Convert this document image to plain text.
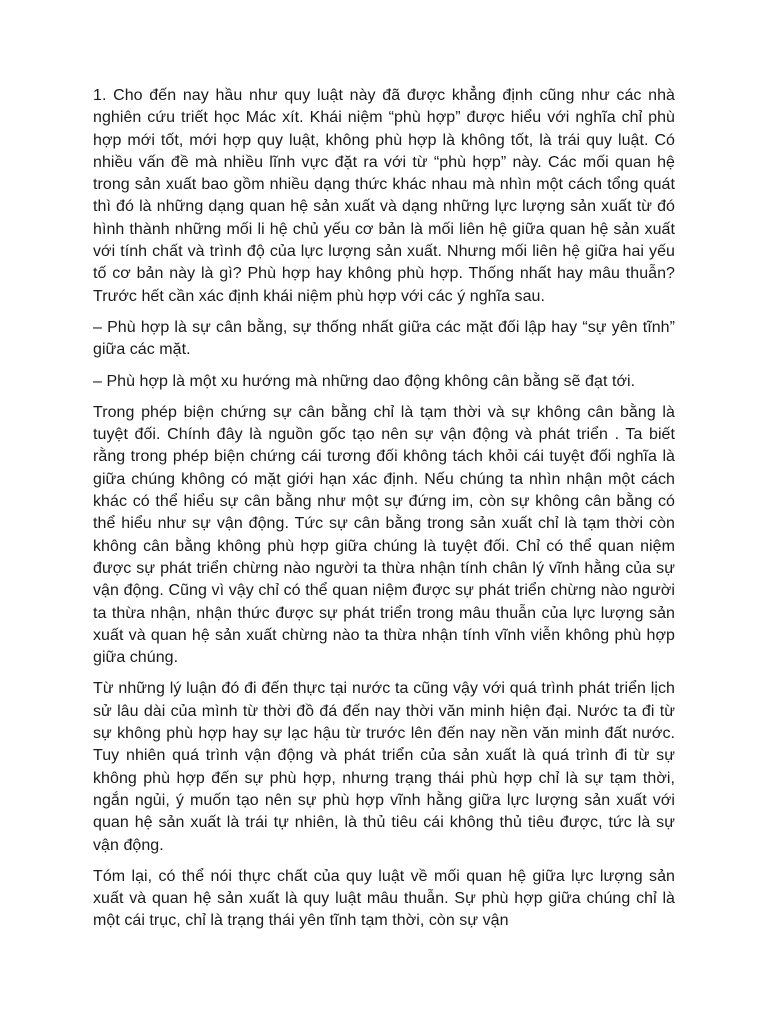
1. Cho đến nay hầu như quy luật này đã được khẳng định cũng như các nhà nghiên cứu triết học Mác xít. Khái niệm “phù hợp” được hiểu với nghĩa chỉ phù hợp mới tốt, mới hợp quy luật, không phù hợp là không tốt, là trái quy luật. Có nhiều vấn đề mà nhiều lĩnh vực đặt ra với từ “phù hợp” này. Các mối quan hệ trong sản xuất bao gồm nhiều dạng thức khác nhau mà nhìn một cách tổng quát thì đó là những dạng quan hệ sản xuất và dạng những lực lượng sản xuất từ đó hình thành những mối li hệ chủ yếu cơ bản là mối liên hệ giữa quan hệ sản xuất với tính chất và trình độ của lực lượng sản xuất. Nhưng mối liên hệ giữa hai yếu tố cơ bản này là gì? Phù hợp hay không phù hợp. Thống nhất hay mâu thuẫn? Trước hết cần xác định khái niệm phù hợp với các ý nghĩa sau.

– Phù hợp là sự cân bằng, sự thống nhất giữa các mặt đối lập hay “sự yên tĩnh” giữa các mặt.

– Phù hợp là một xu hướng mà những dao động không cân bằng sẽ đạt tới.

Trong phép biện chứng sự cân bằng chỉ là tạm thời và sự không cân bằng là tuyệt đối. Chính đây là nguồn gốc tạo nên sự vận động và phát triển . Ta biết rằng trong phép biện chứng cái tương đối không tách khỏi cái tuyệt đối nghĩa là giữa chúng không có mặt giới hạn xác định. Nếu chúng ta nhìn nhận một cách khác có thể hiểu sự cân bằng như một sự đứng im, còn sự không cân bằng có thể hiểu như sự vận động. Tức sự cân bằng trong sản xuất chỉ là tạm thời còn không cân bằng không phù hợp giữa chúng là tuyệt đối. Chỉ có thể quan niệm được sự phát triển chừng nào người ta thừa nhận tính chân lý vĩnh hằng của sự vận động. Cũng vì vậy chỉ có thể quan niệm được sự phát triển chừng nào người ta thừa nhận, nhận thức được sự phát triển trong mâu thuẫn của lực lượng sản xuất và quan hệ sản xuất chừng nào ta thừa nhận tính vĩnh viễn không phù hợp giữa chúng.

Từ những lý luận đó đi đến thực tại nước ta cũng vậy với quá trình phát triển lịch sử lâu dài của mình từ thời đồ đá đến nay thời văn minh hiện đại. Nước ta đi từ sự không phù hợp hay sự lạc hậu từ trước lên đến nay nền văn minh đất nước. Tuy nhiên quá trình vận động và phát triển của sản xuất là quá trình đi từ sự không phù hợp đến sự phù hợp, nhưng trạng thái phù hợp chỉ là sự tạm thời, ngắn ngủi, ý muốn tạo nên sự phù hợp vĩnh hằng giữa lực lượng sản xuất với quan hệ sản xuất là trái tự nhiên, là thủ tiêu cái không thủ tiêu được, tức là sự vận động.

Tóm lại, có thể nói thực chất của quy luật về mối quan hệ giữa lực lượng sản xuất và quan hệ sản xuất là quy luật mâu thuẫn. Sự phù hợp giữa chúng chỉ là một cái trục, chỉ là trạng thái yên tĩnh tạm thời, còn sự vận
